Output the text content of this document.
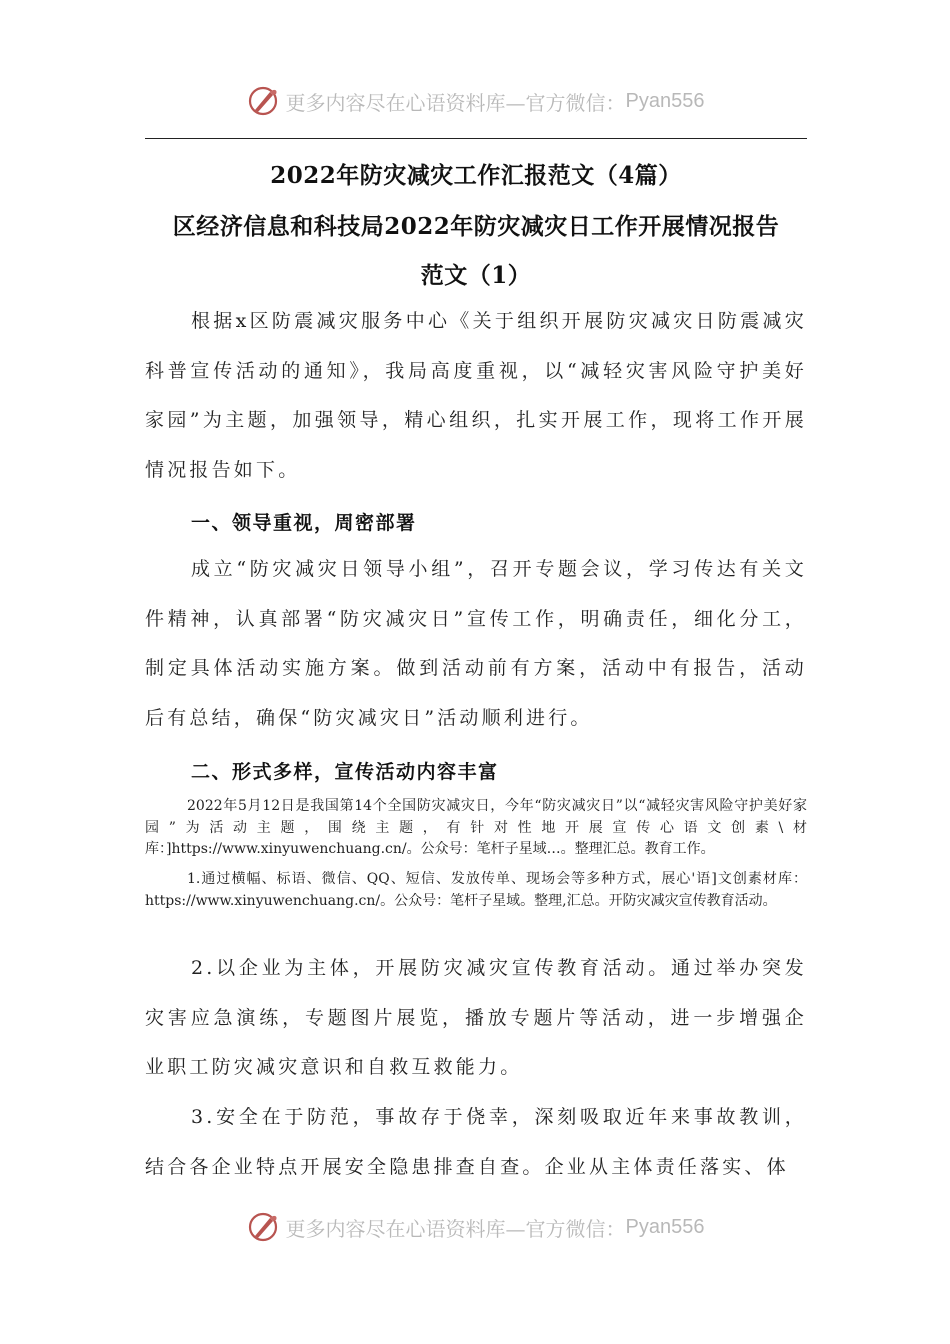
更多内容尽在心语资料库—官方微信： Pyan556
2022年防灾减灾工作汇报范文（4篇）
区经济信息和科技局2022年防灾减灾日工作开展情况报告
范文（1）

根据x区防震减灾服务中心《关于组织开展防灾减灾日防震减灾科普宣传活动的通知》，我局高度重视，以“减轻灾害风险守护美好家园”为主题，加强领导，精心组织，扎实开展工作，现将工作开展情况报告如下。

一、领导重视，周密部署

成立“防灾减灾日领导小组”，召开专题会议，学习传达有关文件精神，认真部署“防灾减灾日”宣传工作，明确责任，细化分工，制定具体活动实施方案。做到活动前有方案，活动中有报告，活动后有总结，确保“防灾减灾日”活动顺利进行。

二、形式多样，宣传活动内容丰富

2022年5月12日是我国第14个全国防灾减灾日，今年“防灾减灾日”以“减轻灾害风险守护美好家园”为活动主题，围绕主题，有针对性地开展宣传心语文创素\材库：]https://www.xinyuwenchuang.cn/。公众号：笔杆子星域…。整理汇总。教育工作。

1.通过横幅、标语、微信、QQ、短信、发放传单、现场会等多种方式，展心'语]文创素材库：https://www.xinyuwenchuang.cn/。公众号：笔杆子星域。整理,汇总。开防灾减灾宣传教育活动。

2.以企业为主体，开展防灾减灾宣传教育活动。通过举办突发灾害应急演练，专题图片展览，播放专题片等活动，进一步增强企业职工防灾减灾意识和自救互救能力。

3.安全在于防范，事故存于侥幸，深刻吸取近年来事故教训，结合各企业特点开展安全隐患排查自查。企业从主体责任落实、体

更多内容尽在心语资料库—官方微信： Pyan556
